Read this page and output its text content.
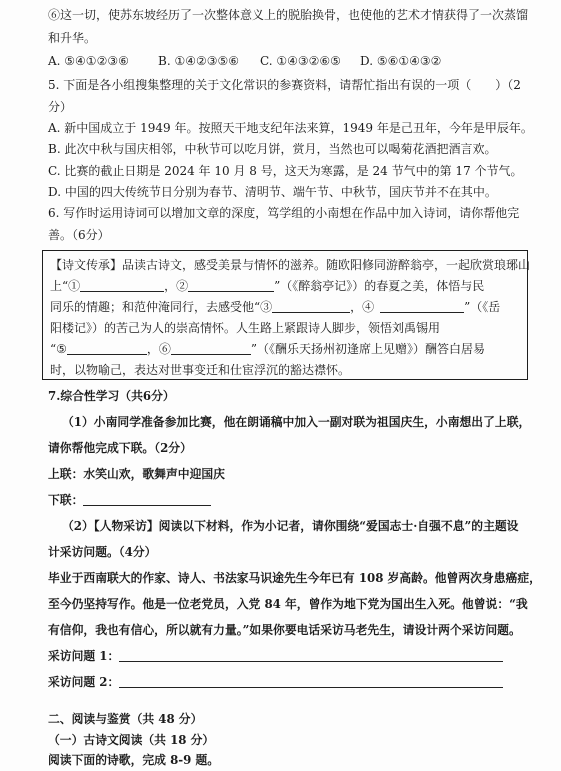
⑥这一切，使苏东坡经历了一次整体意义上的脱胎换骨，也使他的艺术才情获得了一次蒸馏
和升华。
A. ⑤④①②③⑥ B. ①④②③⑤⑥ C. ①④③②⑥⑤ D. ⑤⑥①④③②
5. 下面是各小组搜集整理的关于文化常识的参赛资料，请帮忙指出有误的一项（　　）（2
分）
A. 新中国成立于 1949 年。按照天干地支纪年法来算，1949 年是己丑年，今年是甲辰年。
B. 此次中秋与国庆相邻，中秋节可以吃月饼，赏月，当然也可以喝菊花酒把酒言欢。
C. 比赛的截止日期是 2024 年 10 月 8 号，这天为寒露，是 24 节气中的第 17 个节气。
D. 中国的四大传统节日分别为春节、清明节、端午节、中秋节，国庆节并不在其中。
6. 写作时运用诗词可以增加文章的深度，笃学组的小南想在作品中加入诗词，请你帮他完
善。（6分）
【诗文传承】品读古诗文，感受美景与情怀的滋养。随欧阳修同游醉翁亭，一起欣赏琅琊山
上“①	，②	”（《醉翁亭记》）的春夏之美，体悟与民
同乐的情趣；和范仲淹同行，去感受他“③	，④	”（《岳
阳楼记》）的苦己为人的崇高情怀。人生路上紧跟诗人脚步，领悟刘禹锡用
“⑤	，⑥	”（《酬乐天扬州初逢席上见赠》）酬答白居易
时，以物喻己，表达对世事变迁和仕宦浮沉的豁达襟怀。
7.综合性学习（共6分）
（1）小南同学准备参加比赛，他在朗诵稿中加入一副对联为祖国庆生，小南想出了上联，
请你帮他完成下联。（2分）
上联：水笑山欢，歌舞声中迎国庆
下联：
（2）【人物采访】阅读以下材料，作为小记者，请你围绕“爱国志士·自强不息”的主题设
计采访问题。（4分）
毕业于西南联大的作家、诗人、书法家马识途先生今年已有 108 岁高龄。他曾两次身患癌症，
至今仍坚持写作。他是一位老党员，入党 84 年，曾作为地下党为国出生入死。他曾说：“我
有信仰，我也有信心，所以就有力量。”如果你要电话采访马老先生，请设计两个采访问题。
采访问题 1：
采访问题 2：
二、阅读与鉴赏（共 48 分）
（一）古诗文阅读（共 18 分）
阅读下面的诗歌，完成 8-9 题。
